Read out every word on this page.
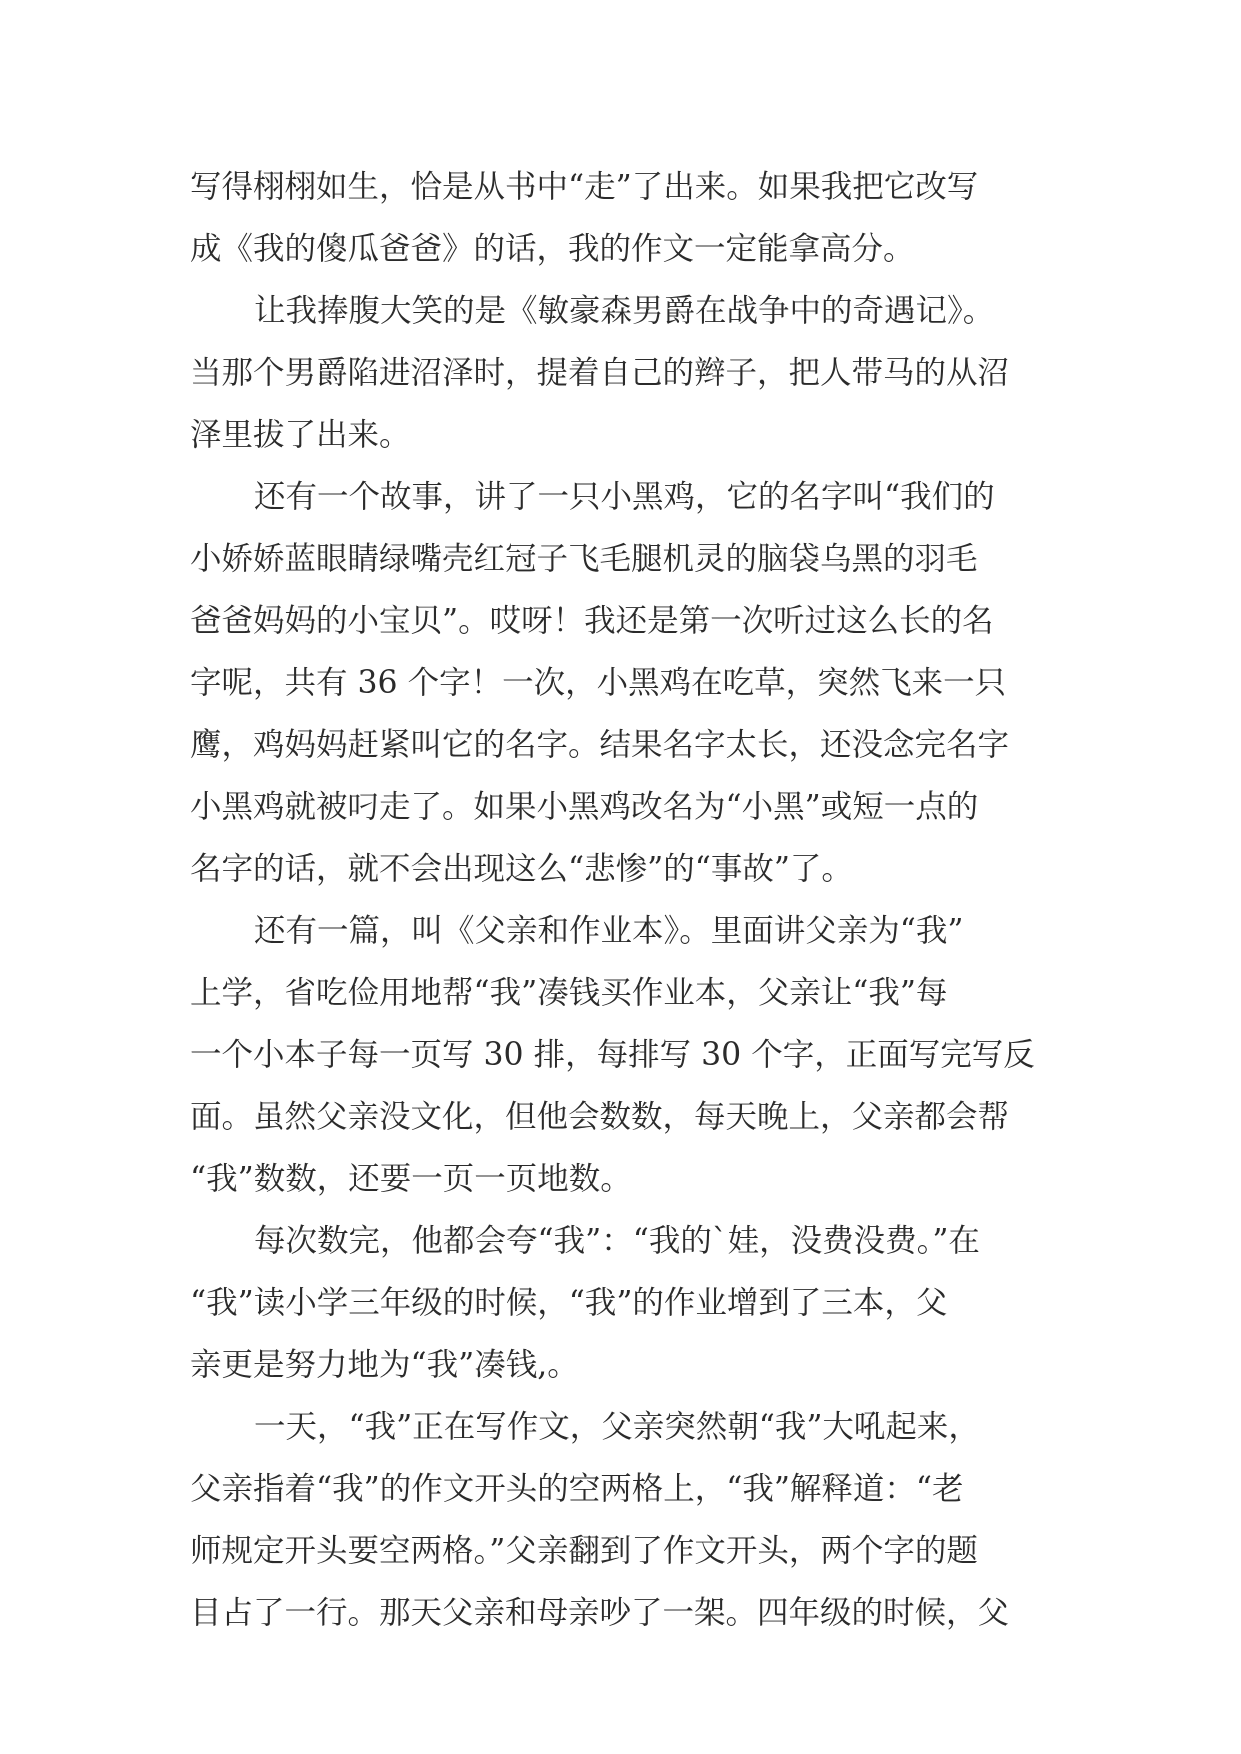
写得栩栩如生，恰是从书中“走”了出来。如果我把它改写
成《我的傻瓜爸爸》的话，我的作文一定能拿高分。
让我捧腹大笑的是《敏豪森男爵在战争中的奇遇记》。
当那个男爵陷进沼泽时，提着自己的辫子，把人带马的从沼
泽里拔了出来。
还有一个故事，讲了一只小黑鸡，它的名字叫“我们的
小娇娇蓝眼睛绿嘴壳红冠子飞毛腿机灵的脑袋乌黑的羽毛
爸爸妈妈的小宝贝”。哎呀！我还是第一次听过这么长的名
字呢，共有 36 个字！一次，小黑鸡在吃草，突然飞来一只
鹰，鸡妈妈赶紧叫它的名字。结果名字太长，还没念完名字
小黑鸡就被叼走了。如果小黑鸡改名为“小黑”或短一点的
名字的话，就不会出现这么“悲惨”的“事故”了。
还有一篇，叫《父亲和作业本》。里面讲父亲为“我”
上学，省吃俭用地帮“我”凑钱买作业本，父亲让“我”每
一个小本子每一页写 30 排，每排写 30 个字，正面写完写反
面。虽然父亲没文化，但他会数数，每天晚上，父亲都会帮
“我”数数，还要一页一页地数。
每次数完，他都会夸“我”：“我的`娃，没费没费。”在
“我”读小学三年级的时候，“我”的作业增到了三本，父
亲更是努力地为“我”凑钱,。
一天，“我”正在写作文，父亲突然朝“我”大吼起来，
父亲指着“我”的作文开头的空两格上，“我”解释道：“老
师规定开头要空两格。”父亲翻到了作文开头，两个字的题
目占了一行。那天父亲和母亲吵了一架。四年级的时候，父
